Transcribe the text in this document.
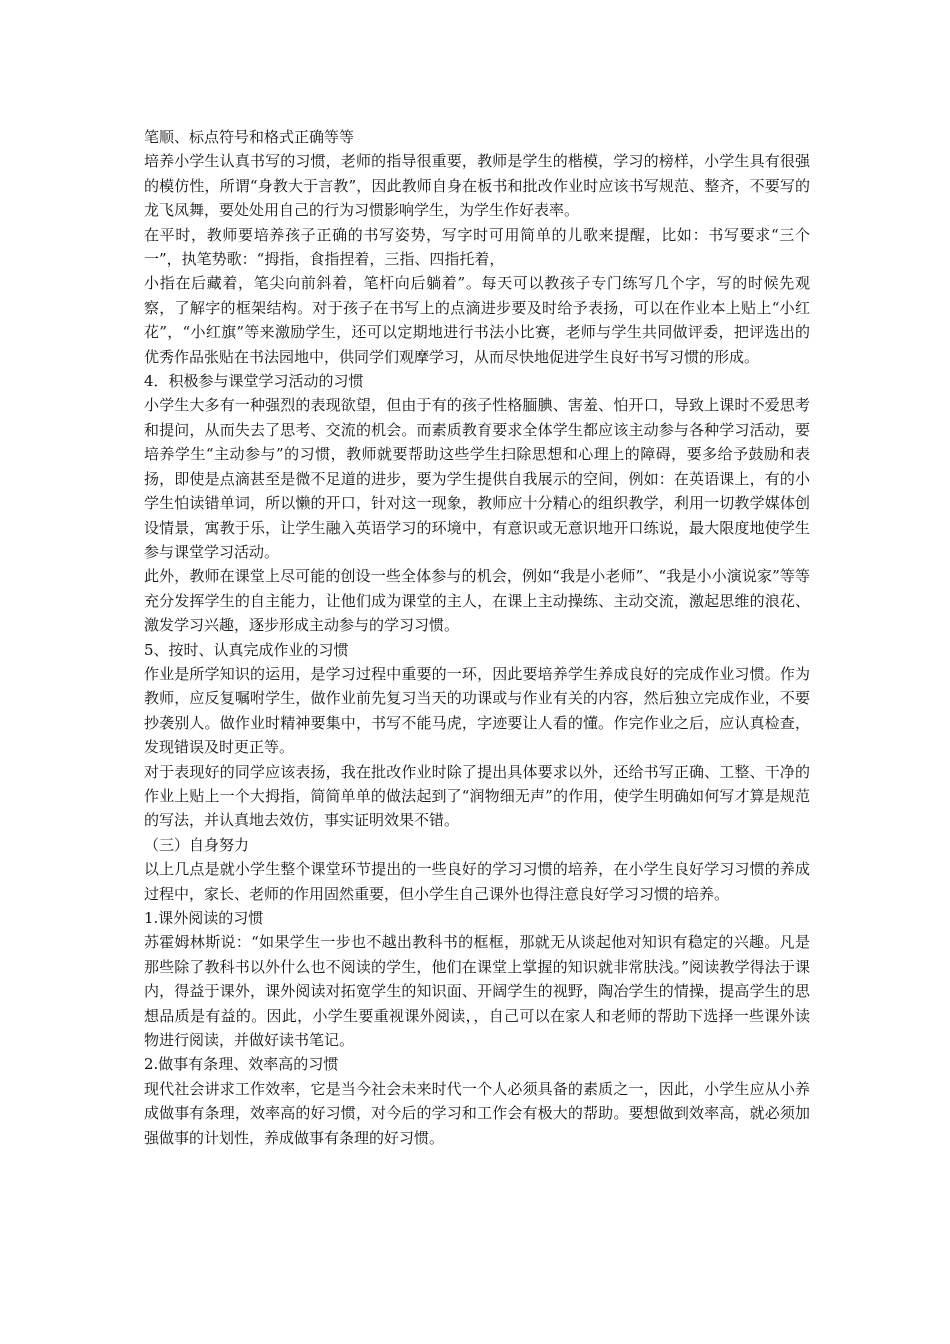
笔顺、标点符号和格式正确等等

培养小学生认真书写的习惯，老师的指导很重要，教师是学生的楷模，学习的榜样，小学生具有很强的模仿性，所谓“身教大于言教”，因此教师自身在板书和批改作业时应该书写规范、整齐，不要写的龙飞凤舞，要处处用自己的行为习惯影响学生，为学生作好表率。

在平时，教师要培养孩子正确的书写姿势，写字时可用简单的儿歌来提醒，比如：书写要求“三个一”，执笔势歌：“拇指，食指捏着，三指、四指托着，

小指在后藏着，笔尖向前斜着，笔杆向后躺着”。每天可以教孩子专门练写几个字，写的时候先观察，了解字的框架结构。对于孩子在书写上的点滴进步要及时给予表扬，可以在作业本上贴上“小红花”，“小红旗”等来激励学生，还可以定期地进行书法小比赛，老师与学生共同做评委，把评选出的优秀作品张贴在书法园地中，供同学们观摩学习，从而尽快地促进学生良好书写习惯的形成。

4．积极参与课堂学习活动的习惯

小学生大多有一种强烈的表现欲望，但由于有的孩子性格腼腆、害羞、怕开口，导致上课时不爱思考和提问，从而失去了思考、交流的机会。而素质教育要求全体学生都应该主动参与各种学习活动，要培养学生“主动参与”的习惯，教师就要帮助这些学生扫除思想和心理上的障碍，要多给予鼓励和表扬，即使是点滴甚至是微不足道的进步，要为学生提供自我展示的空间，例如：在英语课上，有的小学生怕读错单词，所以懒的开口，针对这一现象，教师应十分精心的组织教学，利用一切教学媒体创设情景，寓教于乐，让学生融入英语学习的环境中，有意识或无意识地开口练说，最大限度地使学生参与课堂学习活动。

此外，教师在课堂上尽可能的创设一些全体参与的机会，例如“我是小老师”、“我是小小演说家”等等充分发挥学生的自主能力，让他们成为课堂的主人，在课上主动操练、主动交流，激起思维的浪花、激发学习兴趣，逐步形成主动参与的学习习惯。

5、按时、认真完成作业的习惯

作业是所学知识的运用，是学习过程中重要的一环，因此要培养学生养成良好的完成作业习惯。作为教师，应反复嘱咐学生，做作业前先复习当天的功课或与作业有关的内容，然后独立完成作业，不要抄袭别人。做作业时精神要集中，书写不能马虎，字迹要让人看的懂。作完作业之后，应认真检查，发现错误及时更正等。

对于表现好的同学应该表扬，我在批改作业时除了提出具体要求以外，还给书写正确、工整、干净的作业上贴上一个大拇指，简简单单的做法起到了“润物细无声”的作用，使学生明确如何写才算是规范的写法，并认真地去效仿，事实证明效果不错。

（三）自身努力

以上几点是就小学生整个课堂环节提出的一些良好的学习习惯的培养，在小学生良好学习习惯的养成过程中，家长、老师的作用固然重要，但小学生自己课外也得注意良好学习习惯的培养。

1.课外阅读的习惯

苏霍姆林斯说：“如果学生一步也不越出教科书的框框，那就无从谈起他对知识有稳定的兴趣。凡是那些除了教科书以外什么也不阅读的学生，他们在课堂上掌握的知识就非常肤浅。”阅读教学得法于课内，得益于课外，课外阅读对拓宽学生的知识面、开阔学生的视野，陶冶学生的情操，提高学生的思想品质是有益的。因此，小学生要重视课外阅读，，自己可以在家人和老师的帮助下选择一些课外读物进行阅读，并做好读书笔记。

2.做事有条理、效率高的习惯

现代社会讲求工作效率，它是当今社会未来时代一个人必须具备的素质之一，因此，小学生应从小养成做事有条理，效率高的好习惯，对今后的学习和工作会有极大的帮助。要想做到效率高，就必须加强做事的计划性，养成做事有条理的好习惯。
